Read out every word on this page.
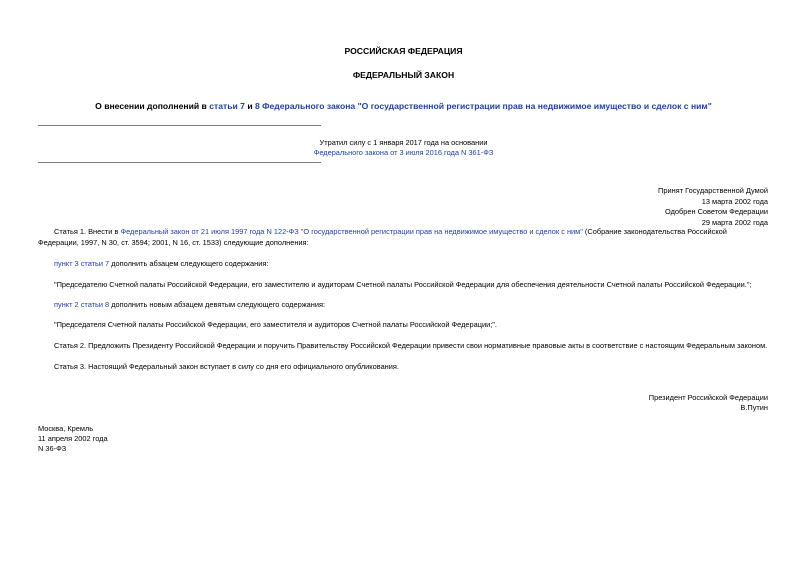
РОССИЙСКАЯ ФЕДЕРАЦИЯ
ФЕДЕРАЛЬНЫЙ ЗАКОН
О внесении дополнений в статьи 7 и 8 Федерального закона "О государственной регистрации прав на недвижимое имущество и сделок с ним"
Утратил силу с 1 января 2017 года на основании
Федерального закона от 3 июля 2016 года N 361-ФЗ
Принят Государственной Думой
13 марта 2002 года
Одобрен Советом Федерации
29 марта 2002 года
Статья 1. Внести в Федеральный закон от 21 июля 1997 года N 122-ФЗ "О государственной регистрации прав на недвижимое имущество и сделок с ним" (Собрание законодательства Российской Федерации, 1997, N 30, ст. 3594; 2001, N 16, ст. 1533) следующие дополнения:
пункт 3 статьи 7 дополнить абзацем следующего содержания:
"Председателю Счетной палаты Российской Федерации, его заместителю и аудиторам Счетной палаты Российской Федерации для обеспечения деятельности Счетной палаты Российской Федерации.";
пункт 2 статьи 8 дополнить новым абзацем девятым следующего содержания:
"Председателя Счетной палаты Российской Федерации, его заместителя и аудиторов Счетной палаты Российской Федерации;".
Статья 2. Предложить Президенту Российской Федерации и поручить Правительству Российской Федерации привести свои нормативные правовые акты в соответствие с настоящим Федеральным законом.
Статья 3. Настоящий Федеральный закон вступает в силу со дня его официального опубликования.
Президент Российской Федерации
В.Путин
Москва, Кремль
11 апреля 2002 года
N 36-ФЗ
